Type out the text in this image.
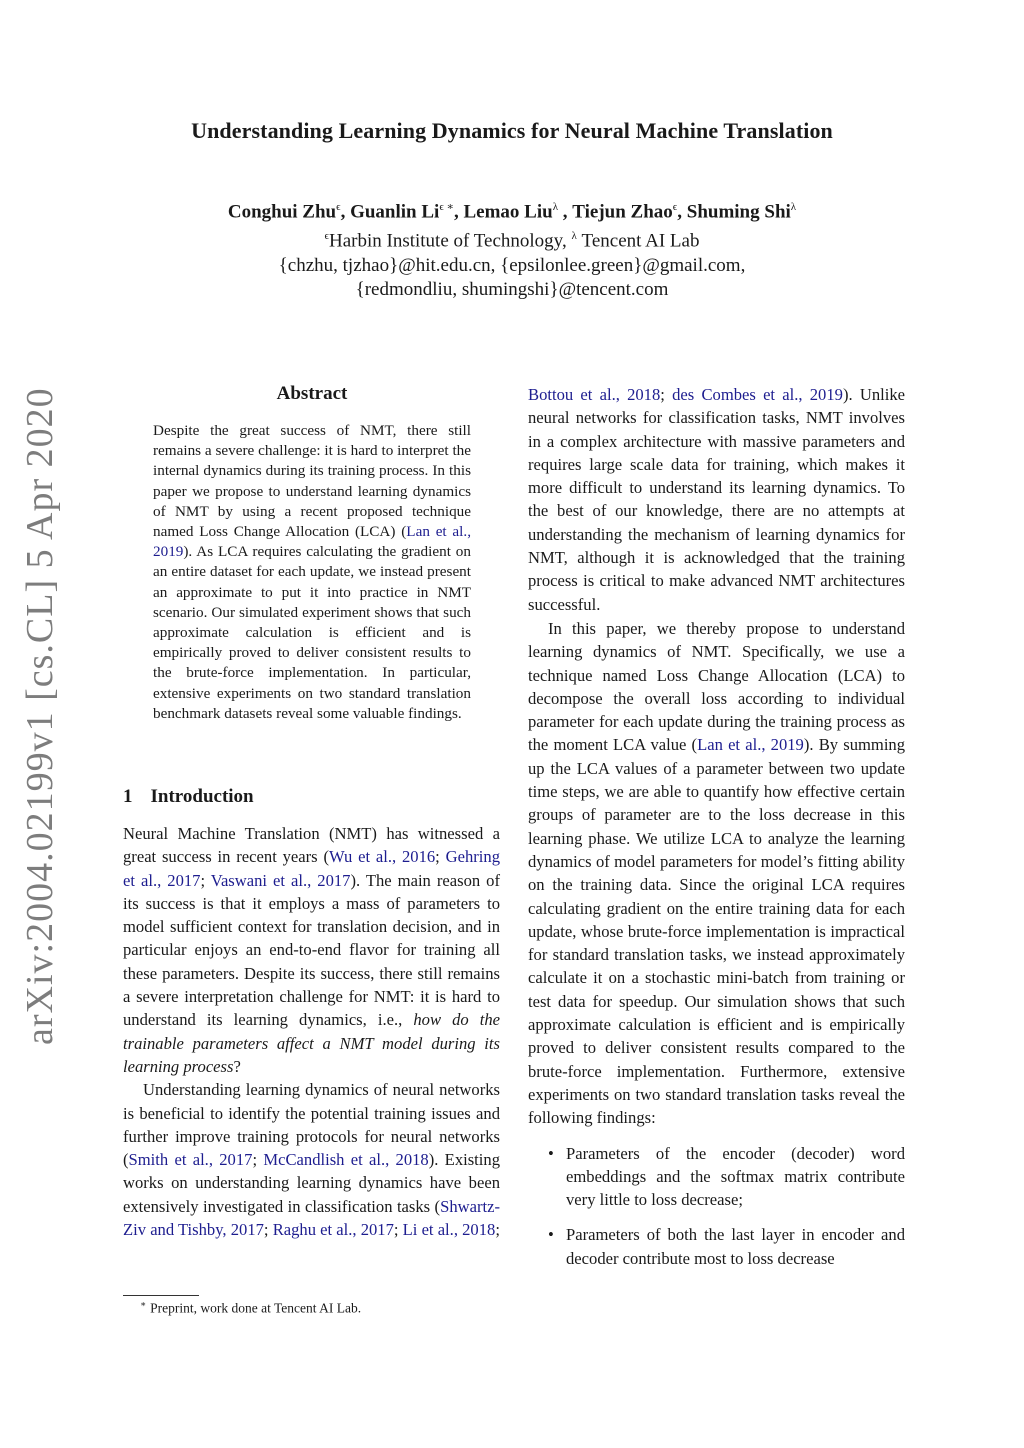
Understanding Learning Dynamics for Neural Machine Translation
Conghui Zhu$^\epsilon$, Guanlin $Li^{\epsilon ∗}$, Lemao Liu$^\lambda$ , Tiejun Zhao$^\epsilon$, Shuming Shi$^\lambda$
$^\epsilon$Harbin Institute of Technology, $^\lambda$ Tencent AI Lab
{chzhu, tjzhao}@hit.edu.cn, {epsilonlee.green}@gmail.com,
{redmondliu, shumingshi}@tencent.com
arXiv:2004.02199v1 [cs.CL] 5 Apr 2020	Abstract
Despite the great success of NMT, there still remains a severe challenge: it is hard to interpret the internal dynamics during its training process. In this paper we propose to understand learning dynamics of NMT by using a recent proposed technique named Loss Change Allocation (LCA) (Lan et al., 2019). As LCA requires calculating the gradient on an entire dataset for each update, we instead present an approximate to put it into practice in NMT scenario. Our simulated experiment shows that such approximate calculation is efficient and is empirically proved to deliver consistent results to the brute-force implementation. In particular, extensive experiments on two standard translation benchmark datasets reveal some valuable findings.
1 Introduction

Neural Machine Translation (NMT) has witnessed a great success in recent years (Wu et al., 2016; Gehring et al., 2017; Vaswani et al., 2017). The main reason of its success is that it employs a mass of parameters to model sufficient context for translation decision, and in particular enjoys an end-to-end flavor for training all these parameters. Despite its success, there still remains a severe interpretation challenge for NMT: it is hard to understand its learning dynamics, i.e., how do the trainable parameters affect a NMT model during its learning process?

Understanding learning dynamics of neural networks is beneficial to identify the potential training issues and further improve training protocols for neural networks (Smith et al., 2017; McCandlish et al., 2018). Existing works on understanding learning dynamics have been extensively investigated in classification tasks (Shwartz-Ziv and Tishby, 2017; Raghu et al., 2017; Li et al., 2018;

Bottou et al., 2018; des Combes et al., 2019). Unlike neural networks for classification tasks, NMT involves in a complex architecture with massive parameters and requires large scale data for training, which makes it more difficult to understand its learning dynamics. To the best of our knowledge, there are no attempts at understanding the mechanism of learning dynamics for NMT, although it is acknowledged that the training process is critical to make advanced NMT architectures successful.

In this paper, we thereby propose to understand learning dynamics of NMT. Specifically, we use a technique named Loss Change Allocation (LCA) to decompose the overall loss according to individual parameter for each update during the training process as the moment LCA value (Lan et al., 2019). By summing up the LCA values of a parameter between two update time steps, we are able to quantify how effective certain groups of parameter are to the loss decrease in this learning phase. We utilize LCA to analyze the learning dynamics of model parameters for model’s fitting ability on the training data. Since the original LCA requires calculating gradient on the entire training data for each update, whose brute-force implementation is impractical for standard translation tasks, we instead approximately calculate it on a stochastic mini-batch from training or test data for speedup. Our simulation shows that such approximate calculation is efficient and is empirically proved to deliver consistent results compared to the brute-force implementation. Furthermore, extensive experiments on two standard translation tasks reveal the following findings:

• Parameters of the encoder (decoder) word embeddings and the softmax matrix contribute very little to loss decrease;
• Parameters of both the last layer in encoder and decoder contribute most to loss decrease
∗ Preprint, work done at Tencent AI Lab.
